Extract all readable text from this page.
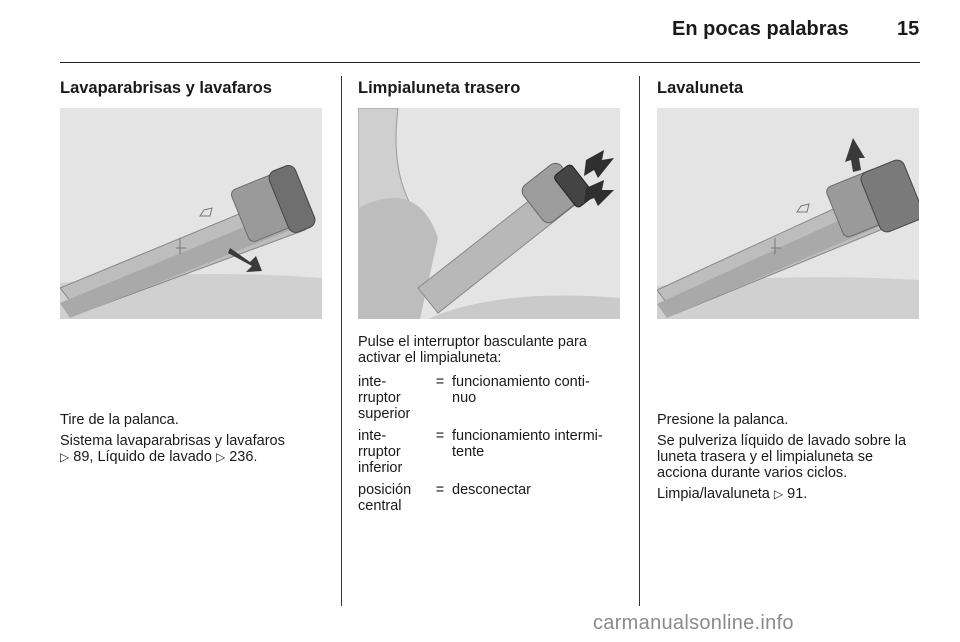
En pocas palabras 15
Lavaparabrisas y lavafaros

Tire de la palanca.

Sistema lavaparabrisas y lavafaros

▷ 89, Líquido de lavado ▷ 236.

Limpialuneta trasero

Pulse el interruptor basculante para activar el limpialuneta:

inte-rruptor superior	=	funcionamiento conti-nuo
inte-rruptor inferior	=	funcionamiento intermi-tente
posición central	=	desconectar
Lavaluneta

Presione la palanca.

Se pulveriza líquido de lavado sobre la luneta trasera y el limpialuneta se acciona durante varios ciclos.

Limpia/lavaluneta ▷ 91.

carmanualsonline.info
